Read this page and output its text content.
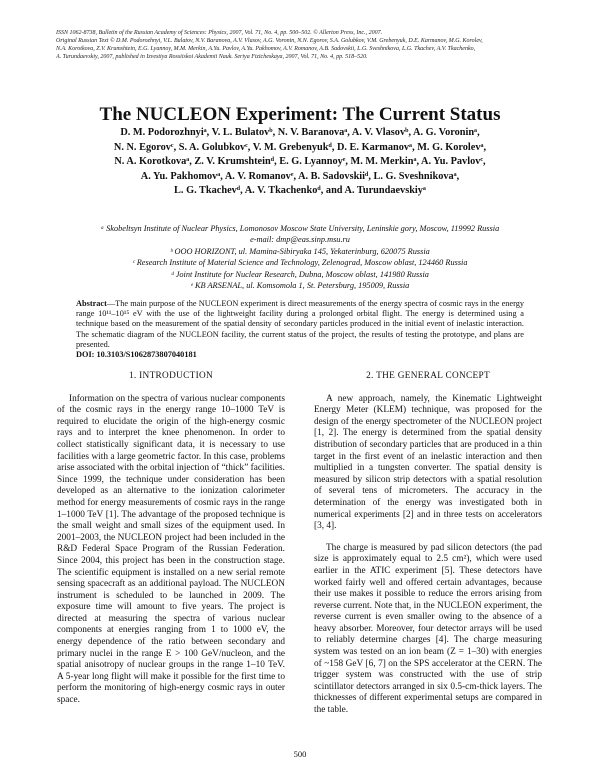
ISSN 1062-8738, Bulletin of the Russian Academy of Sciences: Physics, 2007, Vol. 71, No. 4, pp. 500–502. © Allerton Press, Inc., 2007.
Original Russian Text © D.M. Podorozhnyi, V.L. Bulatov, N.V. Baranova, A.V. Vlasov, A.G. Voronin, N.N. Egorov, S.A. Golubkov, V.M. Grebenyuk, D.E. Karmanov, M.G. Korolev,
N.A. Korotkova, Z.V. Krumshtein, E.G. Lyannoy, M.M. Merkin, A.Yu. Pavlov, A.Yu. Pakhomov, A.V. Romanov, A.B. Sadovskii, L.G. Sveshnikova, L.G. Tkachev, A.V. Tkachenko,
A. Turundaevskiy, 2007, published in Izvestiya Rossiiskoi Akademii Nauk. Seriya Fizicheskaya, 2007, Vol. 71, No. 4, pp. 518–520.
The NUCLEON Experiment: The Current Status
D. M. Podorozhnyiᵃ, V. L. Bulatovᵇ, N. V. Baranovaᵃ, A. V. Vlasovᵇ, A. G. Voroninᵃ,
N. N. Egorovᶜ, S. A. Golubkovᶜ, V. M. Grebenyukᵈ, D. E. Karmanovᵃ, M. G. Korolevᵃ,
N. A. Korotkovaᵃ, Z. V. Krumshteinᵈ, E. G. Lyannoyᵉ, M. M. Merkinᵃ, A. Yu. Pavlovᶜ,
A. Yu. Pakhomovᵃ, A. V. Romanovᵉ, A. B. Sadovskiiᵈ, L. G. Sveshnikovaᵃ,
L. G. Tkachevᵈ, A. V. Tkachenkoᵈ, and A. Turundaevskiyᵃ
ᵃ Skobeltsyn Institute of Nuclear Physics, Lomonosov Moscow State University, Leninskie gory, Moscow, 119992 Russia
e-mail: dmp@eas.sinp.msu.ru
ᵇ OOO HORIZONT, ul. Mamina-Sibiryaka 145, Yekaterinburg, 620075 Russia
ᶜ Research Institute of Material Science and Technology, Zelenograd, Moscow oblast, 124460 Russia
ᵈ Joint Institute for Nuclear Research, Dubna, Moscow oblast, 141980 Russia
ᵉ KB ARSENAL, ul. Komsomola 1, St. Petersburg, 195009, Russia
Abstract—The main purpose of the NUCLEON experiment is direct measurements of the energy spectra of cosmic rays in the energy range 10¹¹–10¹⁵ eV with the use of the lightweight facility during a prolonged orbital flight. The energy is determined using a technique based on the measurement of the spatial density of secondary particles produced in the initial event of inelastic interaction. The schematic diagram of the NUCLEON facility, the current status of the project, the results of testing the prototype, and plans are presented.
DOI: 10.3103/S1062873807040181
1. INTRODUCTION

Information on the spectra of various nuclear components of the cosmic rays in the energy range 10–1000 TeV is required to elucidate the origin of the high-energy cosmic rays and to interpret the knee phenomenon. In order to collect statistically significant data, it is necessary to use facilities with a large geometric factor. In this case, problems arise associated with the orbital injection of “thick” facilities. Since 1999, the technique under consideration has been developed as an alternative to the ionization calorimeter method for energy measurements of cosmic rays in the range 1–1000 TeV [1]. The advantage of the proposed technique is the small weight and small sizes of the equipment used. In 2001–2003, the NUCLEON project had been included in the R&D Federal Space Program of the Russian Federation. Since 2004, this project has been in the construction stage. The scientific equipment is installed on a new serial remote sensing spacecraft as an additional payload. The NUCLEON instrument is scheduled to be launched in 2009. The exposure time will amount to five years. The project is directed at measuring the spectra of various nuclear components at energies ranging from 1 to 1000 eV, the energy dependence of the ratio between secondary and primary nuclei in the range E > 100 GeV/nucleon, and the spatial anisotropy of nuclear groups in the range 1–10 TeV. A 5-year long flight will make it possible for the first time to perform the monitoring of high-energy cosmic rays in outer space.

2. THE GENERAL CONCEPT

A new approach, namely, the Kinematic Lightweight Energy Meter (KLEM) technique, was proposed for the design of the energy spectrometer of the NUCLEON project [1, 2]. The energy is determined from the spatial density distribution of secondary particles that are produced in a thin target in the first event of an inelastic interaction and then multiplied in a tungsten converter. The spatial density is measured by silicon strip detectors with a spatial resolution of several tens of micrometers. The accuracy in the determination of the energy was investigated both in numerical experiments [2] and in three tests on accelerators [3, 4].

The charge is measured by pad silicon detectors (the pad size is approximately equal to 2.5 cm²), which were used earlier in the ATIC experiment [5]. These detectors have worked fairly well and offered certain advantages, because their use makes it possible to reduce the errors arising from reverse current. Note that, in the NUCLEON experiment, the reverse current is even smaller owing to the absence of a heavy absorber. Moreover, four detector arrays will be used to reliably determine charges [4]. The charge measuring system was tested on an ion beam (Z = 1–30) with energies of ~158 GeV [6, 7] on the SPS accelerator at the CERN. The trigger system was constructed with the use of strip scintillator detectors arranged in six 0.5-cm-thick layers. The thicknesses of different experimental setups are compared in the table.

500
